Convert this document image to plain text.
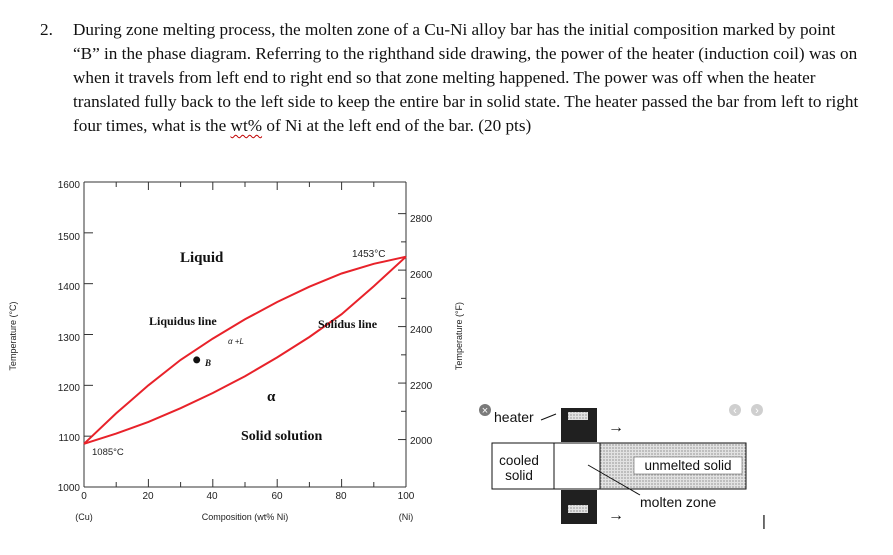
2. During zone melting process, the molten zone of a Cu-Ni alloy bar has the initial composition marked by point “B” in the phase diagram. Referring to the righthand side drawing, the power of the heater (induction coil) was on when it travels from left end to right end so that zone melting happened. The power was off when the heater translated fully back to the left side to keep the entire bar in solid state. The heater passed the bar from left to right four times, what is the wt% of Ni at the left end of the bar. (20 pts)
Temperature (°C)	Temperature (°F)
Composition (wt% Ni)
(Cu)	(Ni)
0	20	40	60	80	100
1600
1500
1400
1300
1200
1100
1000
2800
2600
2400
2200
2000
Liquid	1453°C
Liquidus line	Solidus line
α +L
B
α
Solid solution
1085°C
→
→
heater
cooled
solid
unmelted solid
molten zone
×	‹ ›
|
